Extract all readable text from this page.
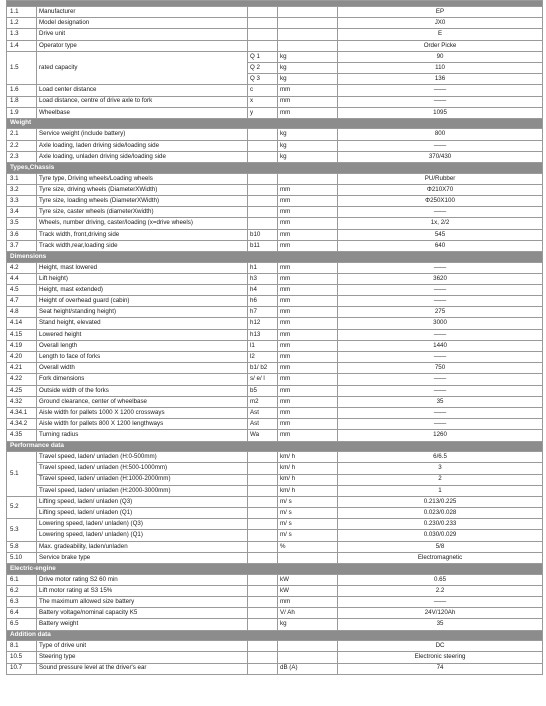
1.1	Manufacturer			EP
1.2	Model designation			JX0
1.3	Drive unit			E
1.4	Operator type			Order Picke
1.5	rated capacity	Q 1	kg	90
		Q 2	kg	110
		Q 3	kg	136
1.6	Load center distance	c	mm	——
1.8	Load distance, centre of drive axle to fork	x	mm	——
1.9	Wheelbase	y	mm	1095
Weight				
2.1	Service weight (include battery)		kg	800
2.2	Axle loading, laden driving side/loading side		kg	——
2.3	Axle loading, unladen driving side/loading side		kg	370/430
Types,Chassis				
3.1	Tyre type, Driving wheels/Loading wheels			PU/Rubber
3.2	Tyre size, driving wheels (DiameterXWidth)		mm	Φ210X70
3.3	Tyre size, loading wheels (DiameterXWidth)		mm	Φ250X100
3.4	Tyre size, caster wheels (diameterXwidth)		mm	——
3.5	Wheels, number driving, caster/loading (x=drive wheels)		mm	1x, 2/2
3.6	Track width, front,driving side	b10	mm	545
3.7	Track width,rear,loading side	b11	mm	640
Dimensions				
4.2	Height, mast lowered	h1	mm	——
4.4	Lift height)	h3	mm	3620
4.5	Height, mast extended)	h4	mm	——
4.7	Height of overhead guard (cabin)	h6	mm	——
4.8	Seat height/standing height)	h7	mm	275
4.14	Stand height, elevated	h12	mm	3000
4.15	Lowered height	h13	mm	——
4.19	Overall length	l1	mm	1440
4.20	Length to face of forks	l2	mm	——
4.21	Overall width	b1/ b2	mm	750
4.22	Fork dimensions	s/ e/ l	mm	——
4.25	Outside width of the forks	b5	mm	——
4.32	Ground clearance, center of wheelbase	m2	mm	35
4.34.1	Aisle width for pallets 1000 X 1200 crossways	Ast	mm	——
4.34.2	Aisle width for pallets 800 X 1200 lengthways	Ast	mm	——
4.35	Turning radius	Wa	mm	1260
Performance data				
5.1	Travel speed, laden/ unladen (H:0-500mm)		km/ h	6/6.5
	Travel speed, laden/ unladen (H:500-1000mm)		km/ h	3
	Travel speed, laden/ unladen (H:1000-2000mm)		km/ h	2
	Travel speed, laden/ unladen (H:2000-3000mm)		km/ h	1
5.2	Lifting speed, laden/ unladen (Q3)		m/ s	0.213/0.225
	Lifting speed, laden/ unladen (Q1)		m/ s	0.023/0.028
5.3	Lowering speed, laden/ unladen) (Q3)		m/ s	0.230/0.233
	Lowering speed, laden/ unladen) (Q1)		m/ s	0.030/0.029
5.8	Max. gradeability, laden/unladen		%	5/8
5.10	Service brake type			Electromagnetic
Electric-engine				
6.1	Drive motor rating S2 60 min		kW	0.65
6.2	Lift motor rating at S3 15%		kW	2.2
6.3	The maximum allowed size battery		mm	——
6.4	Battery voltage/nominal capacity K5		V/ Ah	24V/120Ah
6.5	Battery weight		kg	35
Addition data				
8.1	Type of drive unit			DC
10.5	Steering type			Electronic steering
10.7	Sound pressure level at the driver's ear		dB (A)	74
